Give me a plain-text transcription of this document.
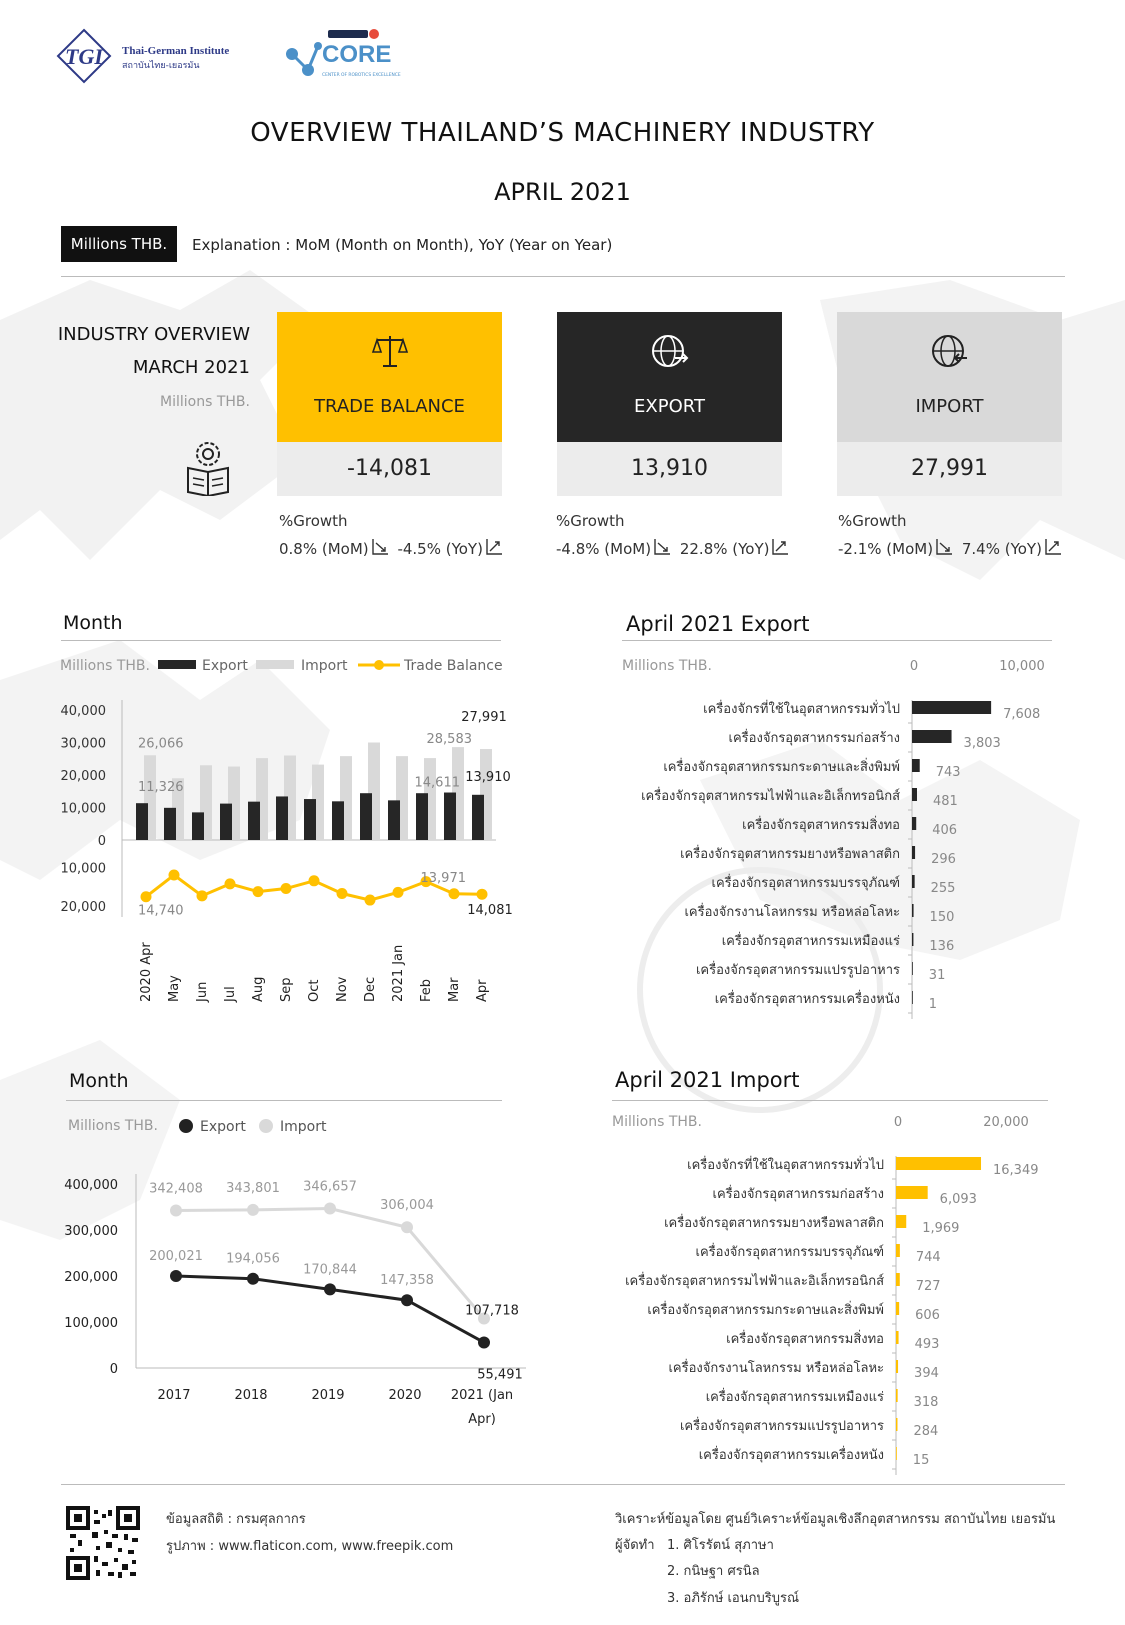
TGI Thai-German Institute
สถาบันไทย-เยอรมัน	CORE
CENTER OF ROBOTICS EXCELLENCE
OVERVIEW THAILAND’S MACHINERY INDUSTRY
APRIL 2021
Millions THB.	Explanation : MoM (Month on Month), YoY (Year on Year)
INDUSTRY OVERVIEW
MARCH 2021
Millions THB.	TRADE BALANCE	EXPORT	IMPORT
-14,081	13,910	27,991
%Growth	%Growth	%Growth
0.8% (MoM) -4.5% (YoY)	-4.8% (MoM) 22.8% (YoY)	-2.1% (MoM) 7.4% (YoY)
Month	April 2021 Export
Month	April 2021 Import
Millions THB.	Export	Import	Trade Balance
40,000
30,000
20,000
10,000
0
10,000
20,000
2020 Apr May Jun Jul Aug Sep Oct Nov Dec 2021 Jan Feb Mar Apr
11,326	14,611 13,910
26,066	28,583
27,991
14,740
13,971
14,081
Millions THB.	0	10,000
เครื่องจักรที่ใช้ในอุตสาหกรรมทั่วไป	7,608
เครื่องจักรอุตสาหกรรมก่อสร้าง	3,803
เครื่องจักรอุตสาหกรรมกระดาษและสิ่งพิมพ์	743
เครื่องจักรอุตสาหกรรมไฟฟ้าและอิเล็กทรอนิกส์	481
เครื่องจักรอุตสาหกรรมสิ่งทอ 406
เครื่องจักรอุตสาหกรรมยางหรือพลาสติก 296
เครื่องจักรอุตสาหกรรมบรรจุภัณฑ์ 255
เครื่องจักรงานโลหกรรม หรือหล่อโลหะ 150
เครื่องจักรอุตสาหกรรมเหมืองแร่ 136
เครื่องจักรอุตสาหกรรมแปรรูปอาหาร 31
เครื่องจักรอุตสาหกรรมเครื่องหนัง 1
Millions THB.	Export Import
400,000
300,000
200,000
100,000
0
2017	2018	2019	2020 2021 (Jan
Apr)
342,408 343,801 346,657
306,004
107,718
200,021 194,056
170,844
147,358
55,491
Millions THB.	0	20,000
เครื่องจักรที่ใช้ในอุตสาหกรรมทั่วไป	16,349
เครื่องจักรอุตสาหกรรมก่อสร้าง	6,093
เครื่องจักรอุตสาหกรรมยางหรือพลาสติก	1,969
เครื่องจักรอุตสาหกรรมบรรจุภัณฑ์ 744
เครื่องจักรอุตสาหกรรมไฟฟ้าและอิเล็กทรอนิกส์ 727
เครื่องจักรอุตสาหกรรมกระดาษและสิ่งพิมพ์ 606
เครื่องจักรอุตสาหกรรมสิ่งทอ 493
เครื่องจักรงานโลหกรรม หรือหล่อโลหะ 394
เครื่องจักรอุตสาหกรรมเหมืองแร่ 318
เครื่องจักรอุตสาหกรรมแปรรูปอาหาร 284
เครื่องจักรอุตสาหกรรมเครื่องหนัง 15
ข้อมูลสถิติ : กรมศุลกากร
รูปภาพ : www.flaticon.com, www.freepik.com
วิเคราะห์ข้อมูลโดย ศูนย์วิเคราะห์ข้อมูลเชิงลึกอุตสาหกรรม สถาบันไทย เยอรมัน
ผู้จัดทำ 1. ศิโรรัตน์ สุภาษา
2. กนิษฐา ศรนิล
3. อภิรักษ์ เอนกบริบูรณ์
